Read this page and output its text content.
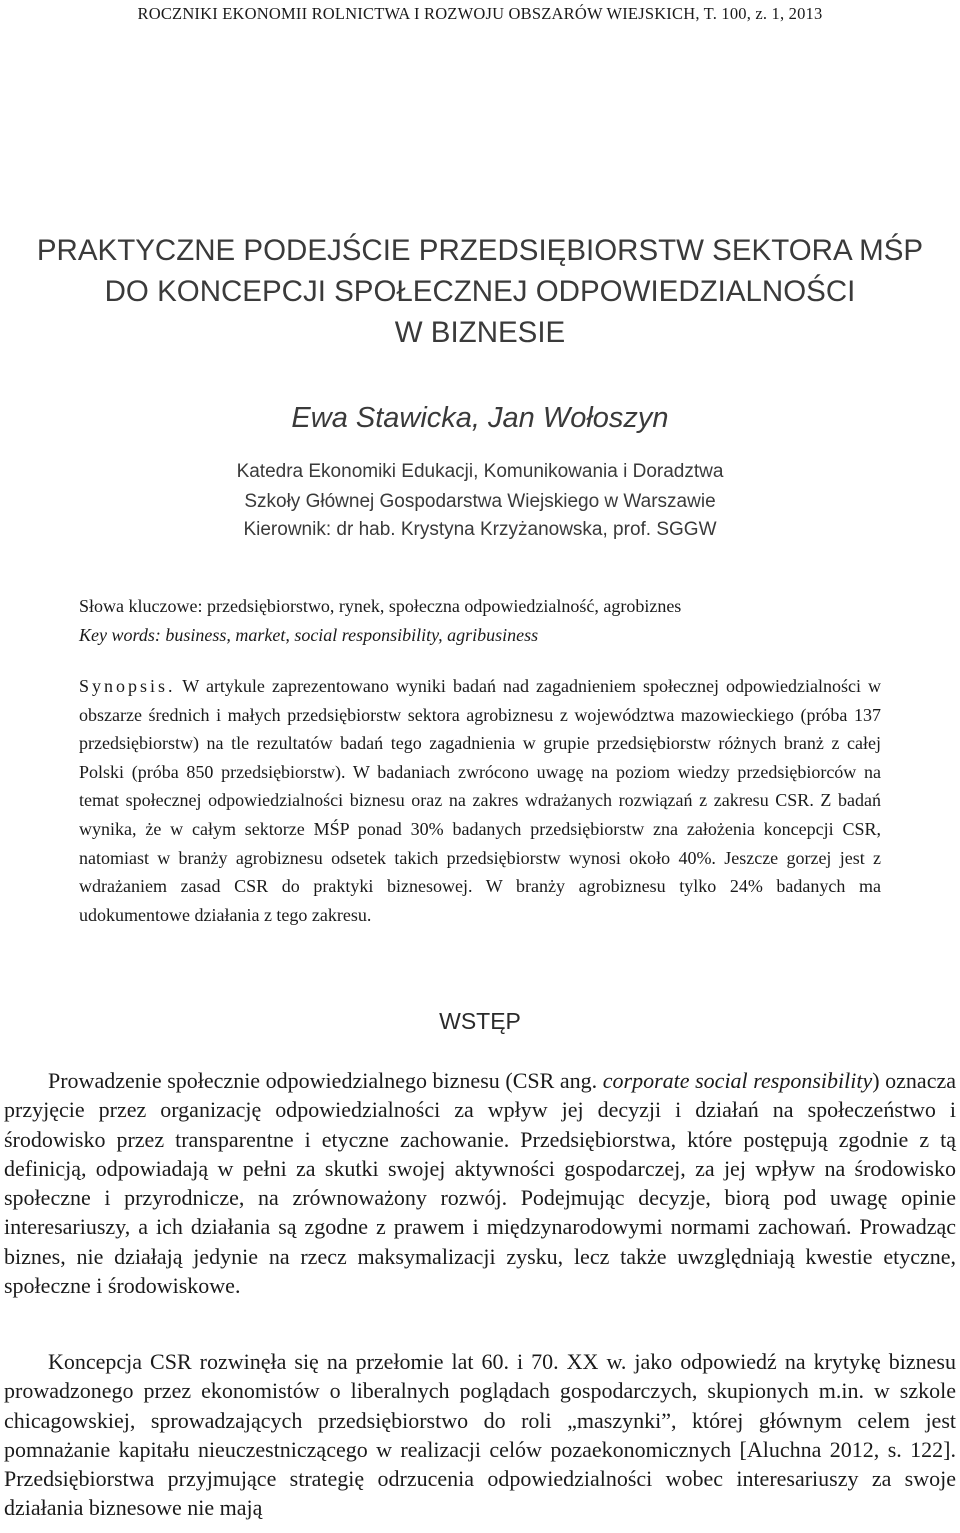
ROCZNIKI EKONOMII ROLNICTWA I ROZWOJU OBSZARÓW WIEJSKICH, T. 100, z. 1, 2013
PRAKTYCZNE PODEJŚCIE PRZEDSIĘBIORSTW SEKTORA MŚP
DO KONCEPCJI SPOŁECZNEJ ODPOWIEDZIALNOŚCI
W BIZNESIE

Ewa Stawicka, Jan Wołoszyn

Katedra Ekonomiki Edukacji, Komunikowania i Doradztwa

Szkoły Głównej Gospodarstwa Wiejskiego w Warszawie

Kierownik: dr hab. Krystyna Krzyżanowska, prof. SGGW

Słowa kluczowe: przedsiębiorstwo, rynek, społeczna odpowiedzialność, agrobiznes

Key words: business, market, social responsibility, agribusiness

Synopsis. W artykule zaprezentowano wyniki badań nad zagadnieniem społecznej odpowiedzialności w obszarze średnich i małych przedsiębiorstw sektora agrobiznesu z województwa mazowieckiego (próba 137 przedsiębiorstw) na tle rezultatów badań tego zagadnienia w grupie przedsiębiorstw różnych branż z całej Polski (próba 850 przedsiębiorstw). W badaniach zwrócono uwagę na poziom wiedzy przedsiębiorców na temat społecznej odpowiedzialności biznesu oraz na zakres wdrażanych rozwiązań z zakresu CSR. Z badań wynika, że w całym sektorze MŚP ponad 30% badanych przedsiębiorstw zna założenia koncepcji CSR, natomiast w branży agrobiznesu odsetek takich przedsiębiorstw wynosi około 40%. Jeszcze gorzej jest z wdrażaniem zasad CSR do praktyki biznesowej. W branży agrobiznesu tylko 24% badanych ma udokumentowe działania z tego zakresu.

WSTĘP

Prowadzenie społecznie odpowiedzialnego biznesu (CSR ang. corporate social responsibility) oznacza przyjęcie przez organizację odpowiedzialności za wpływ jej decyzji i działań na społeczeństwo i środowisko przez transparentne i etyczne zachowanie. Przedsiębiorstwa, które postępują zgodnie z tą definicją, odpowiadają w pełni za skutki swojej aktywności gospodarczej, za jej wpływ na środowisko społeczne i przyrodnicze, na zrównoważony rozwój. Podejmując decyzje, biorą pod uwagę opinie interesariuszy, a ich działania są zgodne z prawem i międzynarodowymi normami zachowań. Prowadząc biznes, nie działają jedynie na rzecz maksymalizacji zysku, lecz także uwzględniają kwestie etyczne, społeczne i środowiskowe.

Koncepcja CSR rozwinęła się na przełomie lat 60. i 70. XX w. jako odpowiedź na krytykę biznesu prowadzonego przez ekonomistów o liberalnych poglądach gospodarczych, skupionych m.in. w szkole chicagowskiej, sprowadzających przedsiębiorstwo do roli „maszynki”, której głównym celem jest pomnażanie kapitału nieuczestniczącego w realizacji celów pozaekonomicznych [Aluchna 2012, s. 122]. Przedsiębiorstwa przyjmujące strategię odrzucenia odpowiedzialności wobec interesariuszy za swoje działania biznesowe nie mają
